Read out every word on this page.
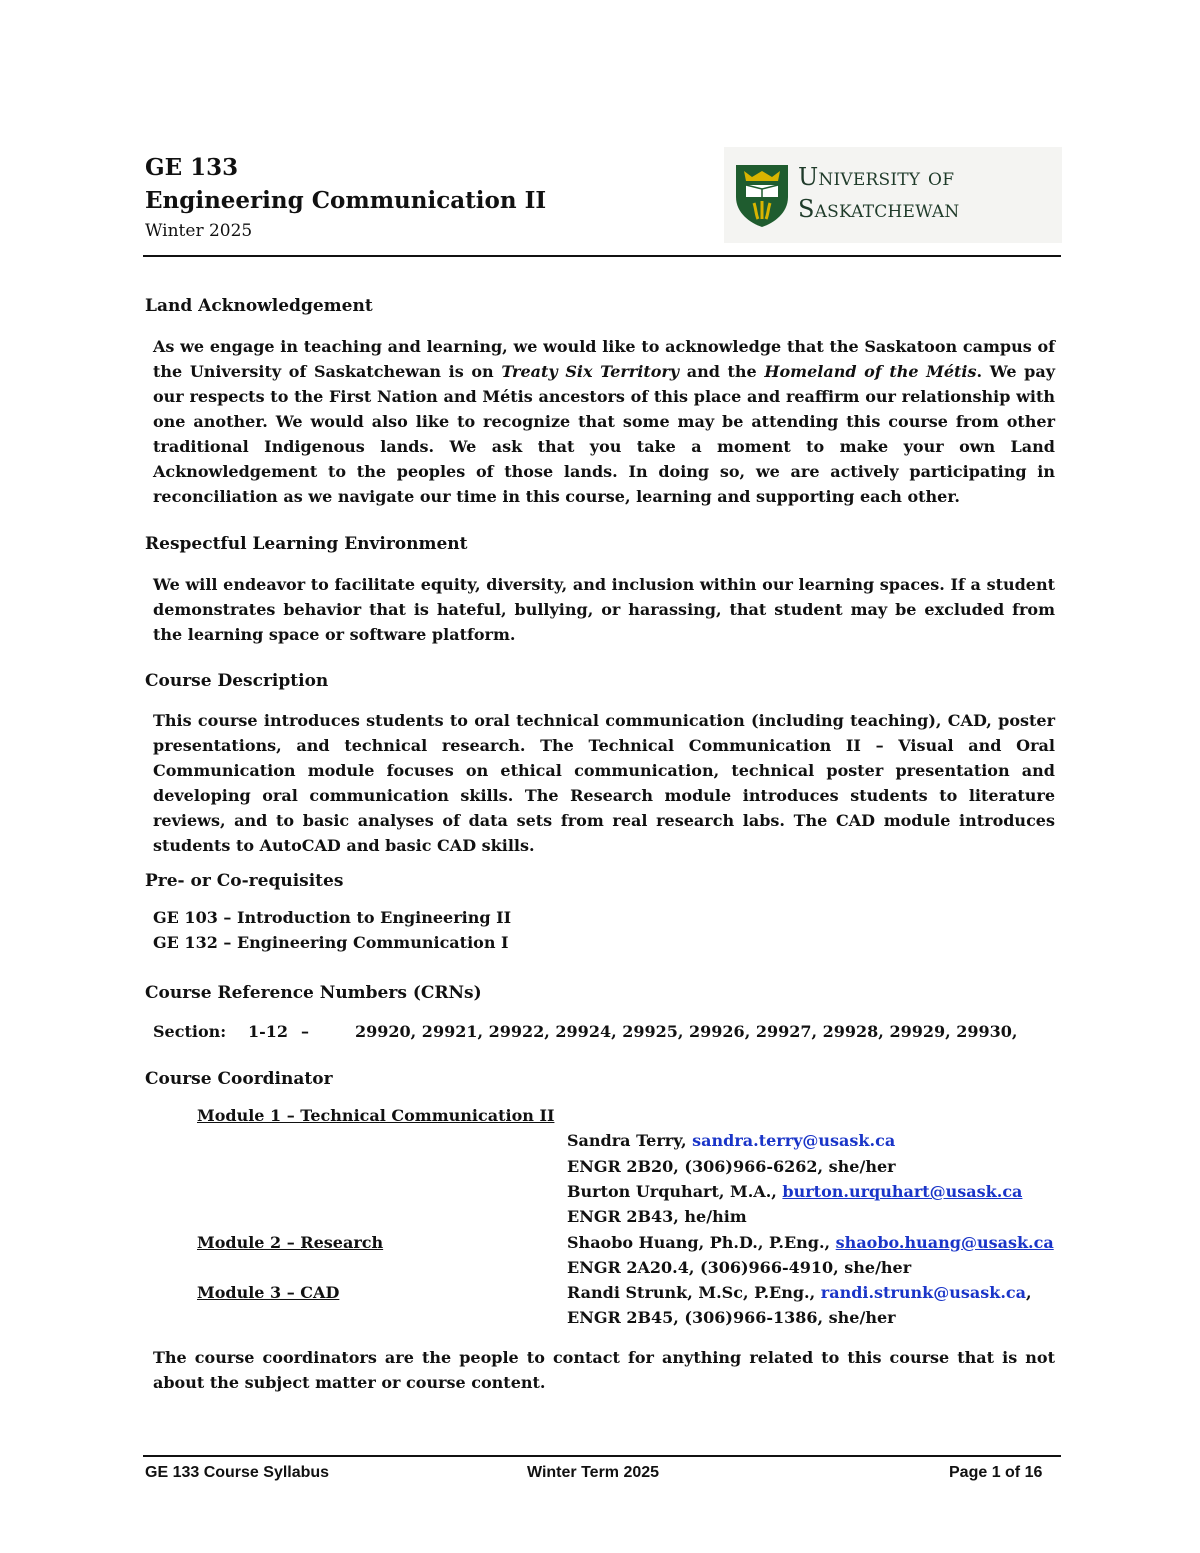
GE 133
Engineering Communication II
Winter 2025
University of
Saskatchewan
Land Acknowledgement
As we engage in teaching and learning, we would like to acknowledge that the Saskatoon campus of the University of Saskatchewan is on Treaty Six Territory and the Homeland of the Métis. We pay our respects to the First Nation and Métis ancestors of this place and reaffirm our relationship with one another. We would also like to recognize that some may be attending this course from other traditional Indigenous lands. We ask that you take a moment to make your own Land Acknowledgement to the peoples of those lands. In doing so, we are actively participating in reconciliation as we navigate our time in this course, learning and supporting each other.
Respectful Learning Environment
We will endeavor to facilitate equity, diversity, and inclusion within our learning spaces. If a student demonstrates behavior that is hateful, bullying, or harassing, that student may be excluded from the learning space or software platform.
Course Description
This course introduces students to oral technical communication (including teaching), CAD, poster presentations, and technical research. The Technical Communication II – Visual and Oral Communication module focuses on ethical communication, technical poster presentation and developing oral communication skills. The Research module introduces students to literature reviews, and to basic analyses of data sets from real research labs. The CAD module introduces students to AutoCAD and basic CAD skills.
Pre- or Co-requisites
GE 103 – Introduction to Engineering II
GE 132 – Engineering Communication I
Course Reference Numbers (CRNs)
Section: 1-12 –	29920, 29921, 29922, 29924, 29925, 29926, 29927, 29928, 29929, 29930,
Course Coordinator
Module 1 – Technical Communication II
Sandra Terry, sandra.terry@usask.ca
ENGR 2B20, (306)966-6262, she/her
Burton Urquhart, M.A., burton.urquhart@usask.ca
ENGR 2B43, he/him
Module 2 – Research	Shaobo Huang, Ph.D., P.Eng., shaobo.huang@usask.ca
ENGR 2A20.4, (306)966-4910, she/her
Module 3 – CAD	Randi Strunk, M.Sc, P.Eng., randi.strunk@usask.ca,
ENGR 2B45, (306)966-1386, she/her
The course coordinators are the people to contact for anything related to this course that is not about the subject matter or course content.
GE 133 Course Syllabus	Winter Term 2025	Page 1 of 16
